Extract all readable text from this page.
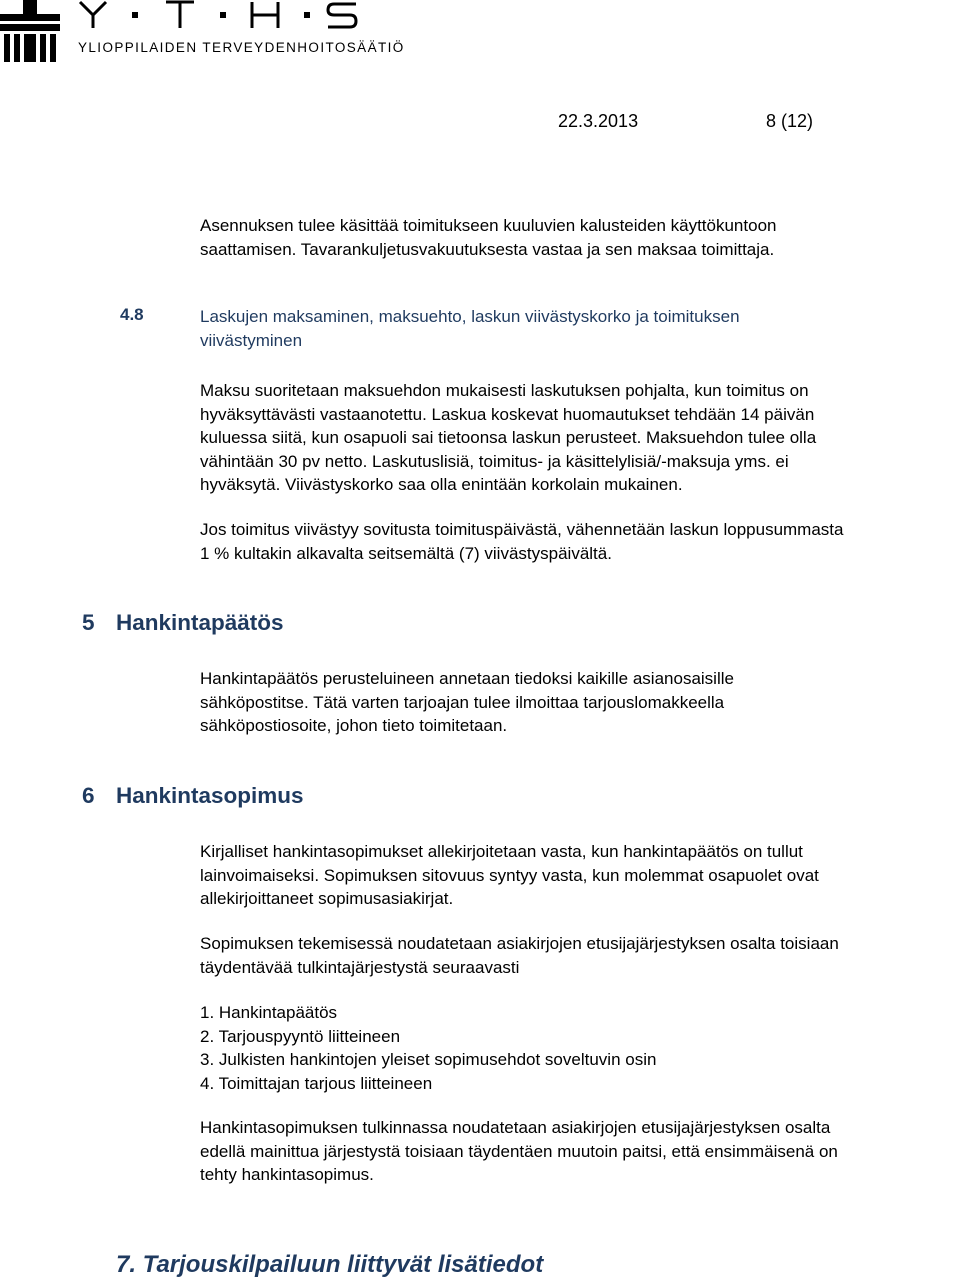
YLIOPPILAIDEN TERVEYDENHOITOSÄÄTIÖ
22.3.2013	8 (12)

Asennuksen tulee käsittää toimitukseen kuuluvien kalusteiden käyttökuntoon
saattamisen. Tavarankuljetusvakuutuksesta vastaa ja sen maksaa toimittaja.

4.8	Laskujen maksaminen, maksuehto, laskun viivästyskorko ja toimituksen
viivästyminen

Maksu suoritetaan maksuehdon mukaisesti laskutuksen pohjalta, kun toimitus on
hyväksyttävästi vastaanotettu. Laskua koskevat huomautukset tehdään 14 päivän
kuluessa siitä, kun osapuoli sai tietoonsa laskun perusteet. Maksuehdon tulee olla
vähintään 30 pv netto. Laskutuslisiä, toimitus- ja käsittelylisiä/-maksuja yms. ei
hyväksytä. Viivästyskorko saa olla enintään korkolain mukainen.

Jos toimitus viivästyy sovitusta toimituspäivästä, vähennetään laskun loppusummasta
1 % kultakin alkavalta seitsemältä (7) viivästyspäivältä.

5 Hankintapäätös

Hankintapäätös perusteluineen annetaan tiedoksi kaikille asianosaisille
sähköpostitse. Tätä varten tarjoajan tulee ilmoittaa tarjouslomakkeella
sähköpostiosoite, johon tieto toimitetaan.

6 Hankintasopimus

Kirjalliset hankintasopimukset allekirjoitetaan vasta, kun hankintapäätös on tullut
lainvoimaiseksi. Sopimuksen sitovuus syntyy vasta, kun molemmat osapuolet ovat
allekirjoittaneet sopimusasiakirjat.

Sopimuksen tekemisessä noudatetaan asiakirjojen etusijajärjestyksen osalta toisiaan
täydentävää tulkintajärjestystä seuraavasti

1. Hankintapäätös
2. Tarjouspyyntö liitteineen
3. Julkisten hankintojen yleiset sopimusehdot soveltuvin osin
4. Toimittajan tarjous liitteineen

Hankintasopimuksen tulkinnassa noudatetaan asiakirjojen etusijajärjestyksen osalta
edellä mainittua järjestystä toisiaan täydentäen muutoin paitsi, että ensimmäisenä on
tehty hankintasopimus.

7. Tarjouskilpailuun liittyvät lisätiedot
